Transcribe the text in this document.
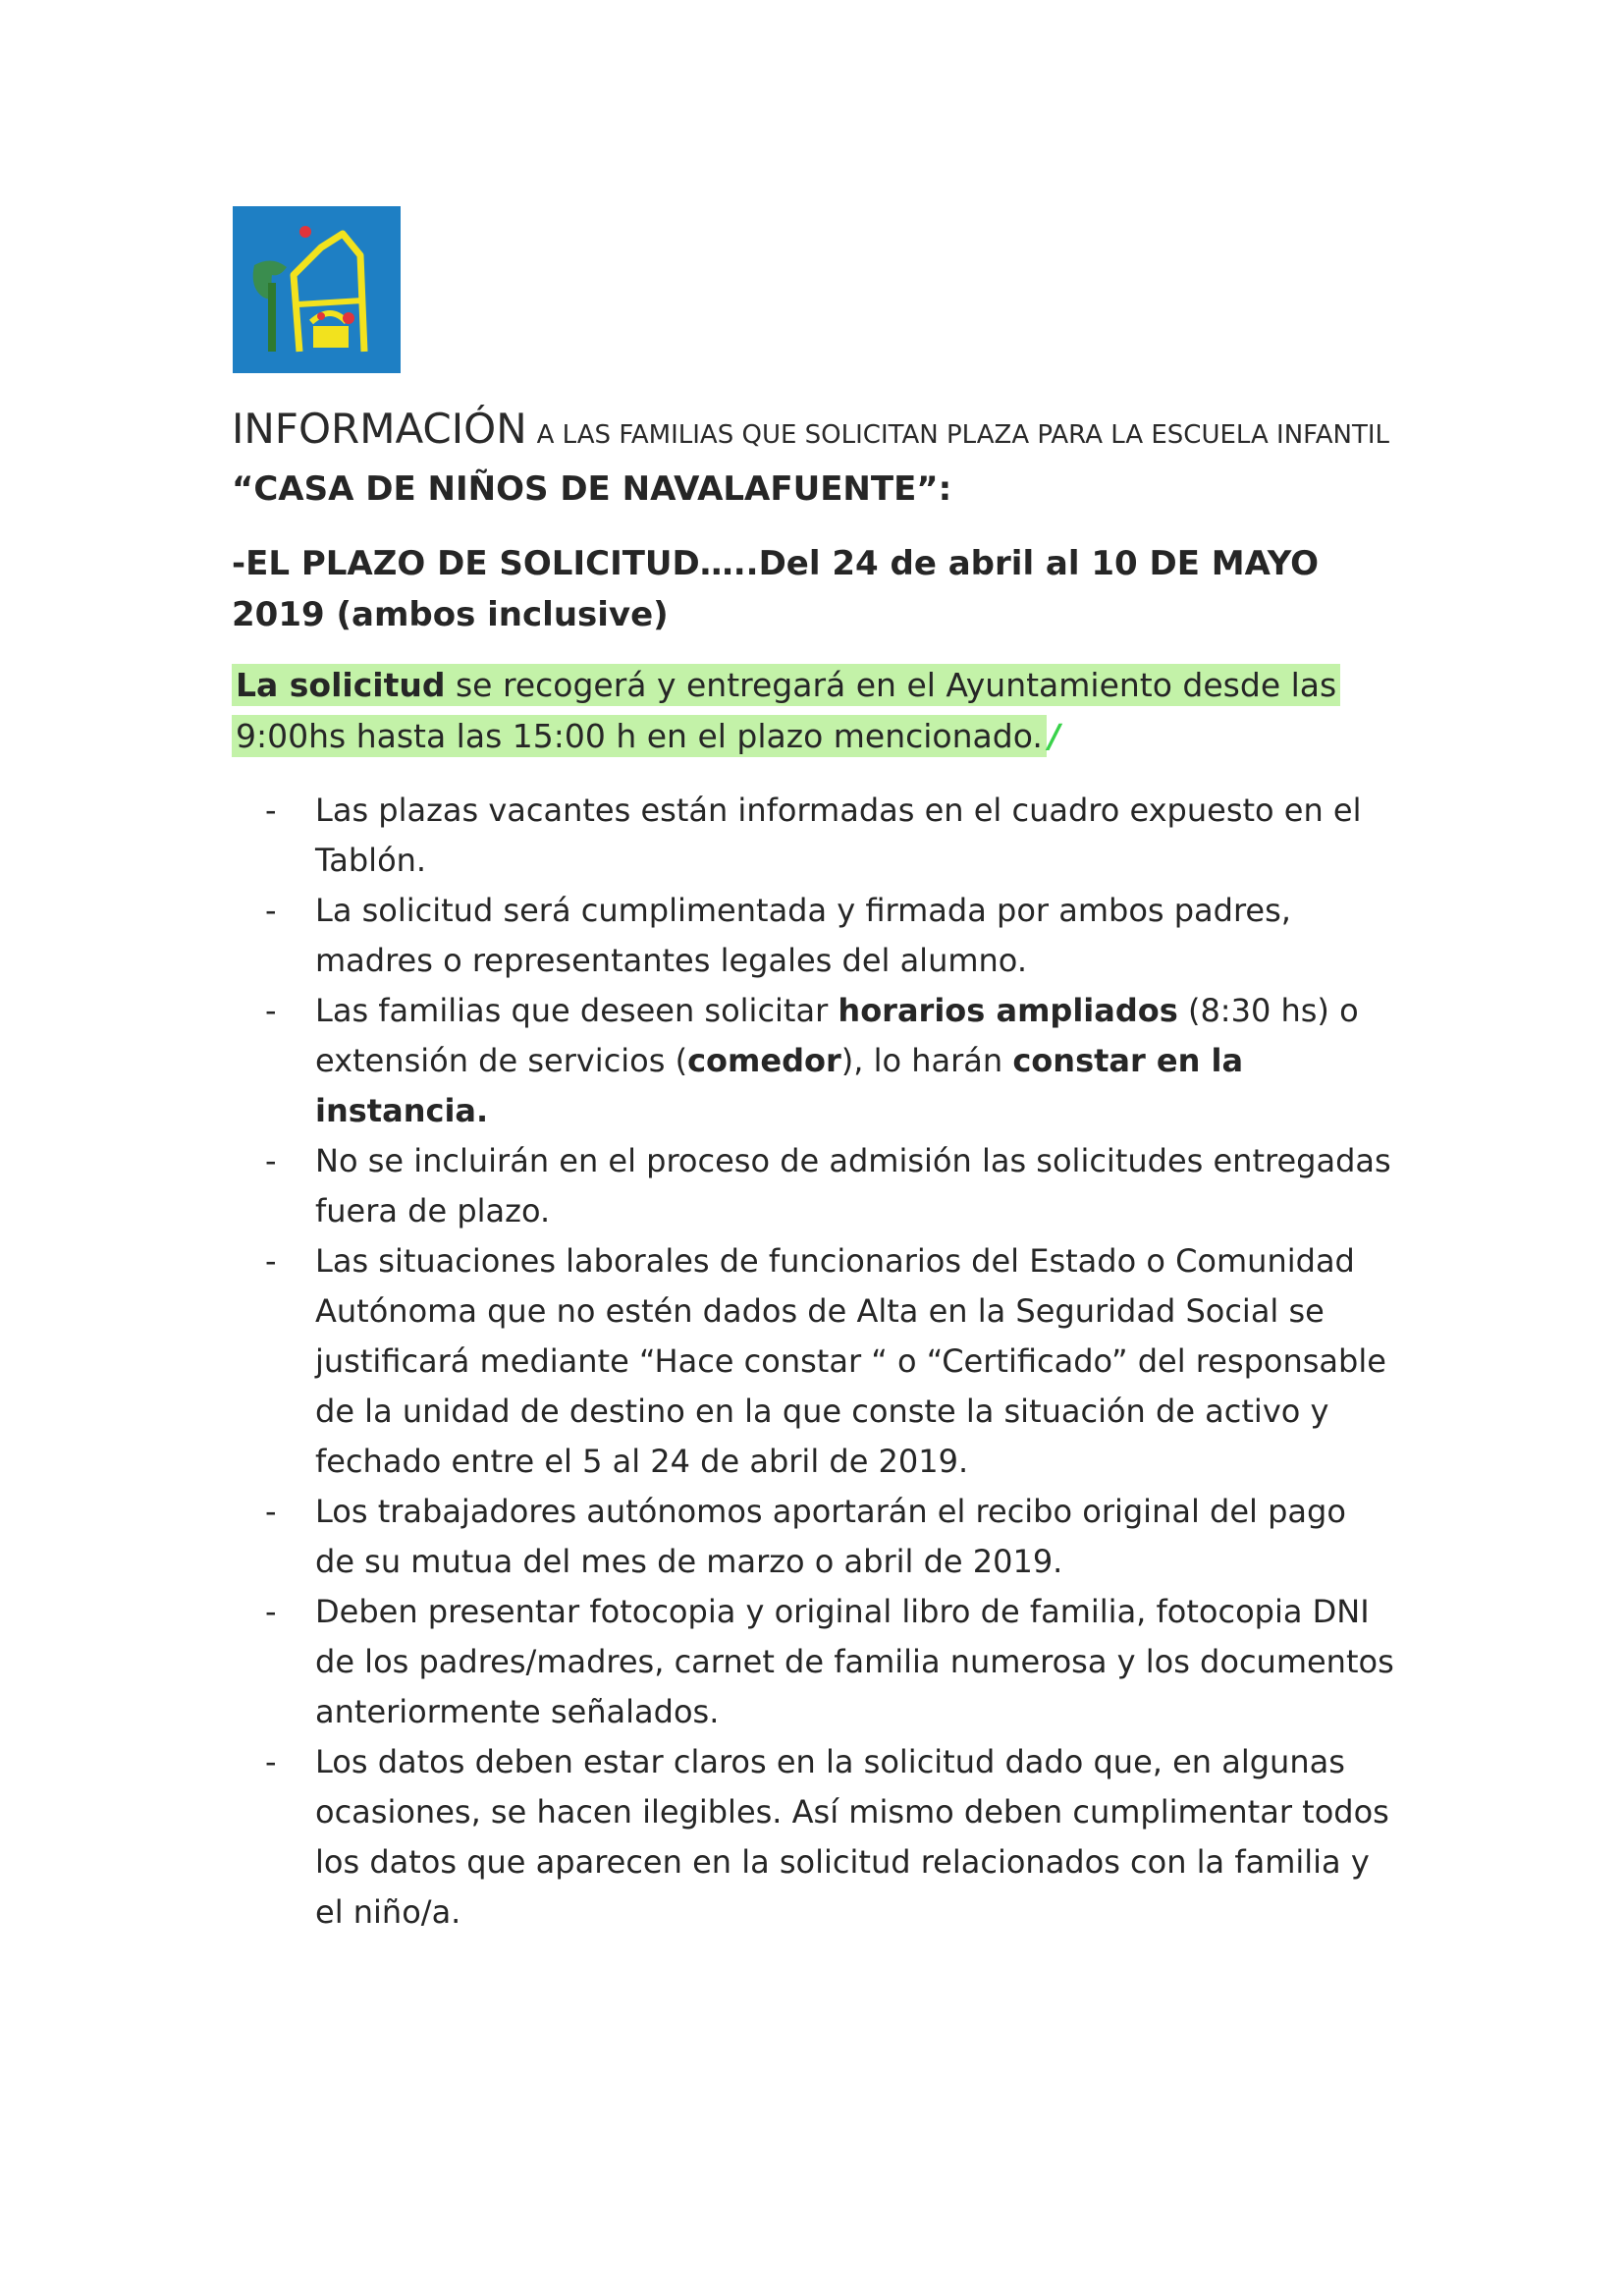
INFORMACIÓN A LAS FAMILIAS QUE SOLICITAN PLAZA PARA LA ESCUELA INFANTIL
“CASA DE NIÑOS DE NAVALAFUENTE”:
-EL PLAZO DE SOLICITUD…..Del 24 de abril al 10 DE MAYO 2019 (ambos inclusive)
La solicitud se recogerá y entregará en el Ayuntamiento desde las 9:00hs hasta las 15:00 h en el plazo mencionado. /
- Las plazas vacantes están informadas en el cuadro expuesto en el Tablón.
- La solicitud será cumplimentada y firmada por ambos padres, madres o representantes legales del alumno.
- Las familias que deseen solicitar horarios ampliados (8:30 hs) o extensión de servicios (comedor), lo harán constar en la instancia.
- No se incluirán en el proceso de admisión las solicitudes entregadas fuera de plazo.
- Las situaciones laborales de funcionarios del Estado o Comunidad Autónoma que no estén dados de Alta en la Seguridad Social se justificará mediante “Hace constar “ o “Certificado” del responsable de la unidad de destino en la que conste la situación de activo y fechado entre el 5 al 24 de abril de 2019.
- Los trabajadores autónomos aportarán el recibo original del pago de su mutua del mes de marzo o abril de 2019.
- Deben presentar fotocopia y original libro de familia, fotocopia DNI de los padres/madres, carnet de familia numerosa y los documentos anteriormente señalados.
- Los datos deben estar claros en la solicitud dado que, en algunas ocasiones, se hacen ilegibles. Así mismo deben cumplimentar todos los datos que aparecen en la solicitud relacionados con la familia y el niño/a.
